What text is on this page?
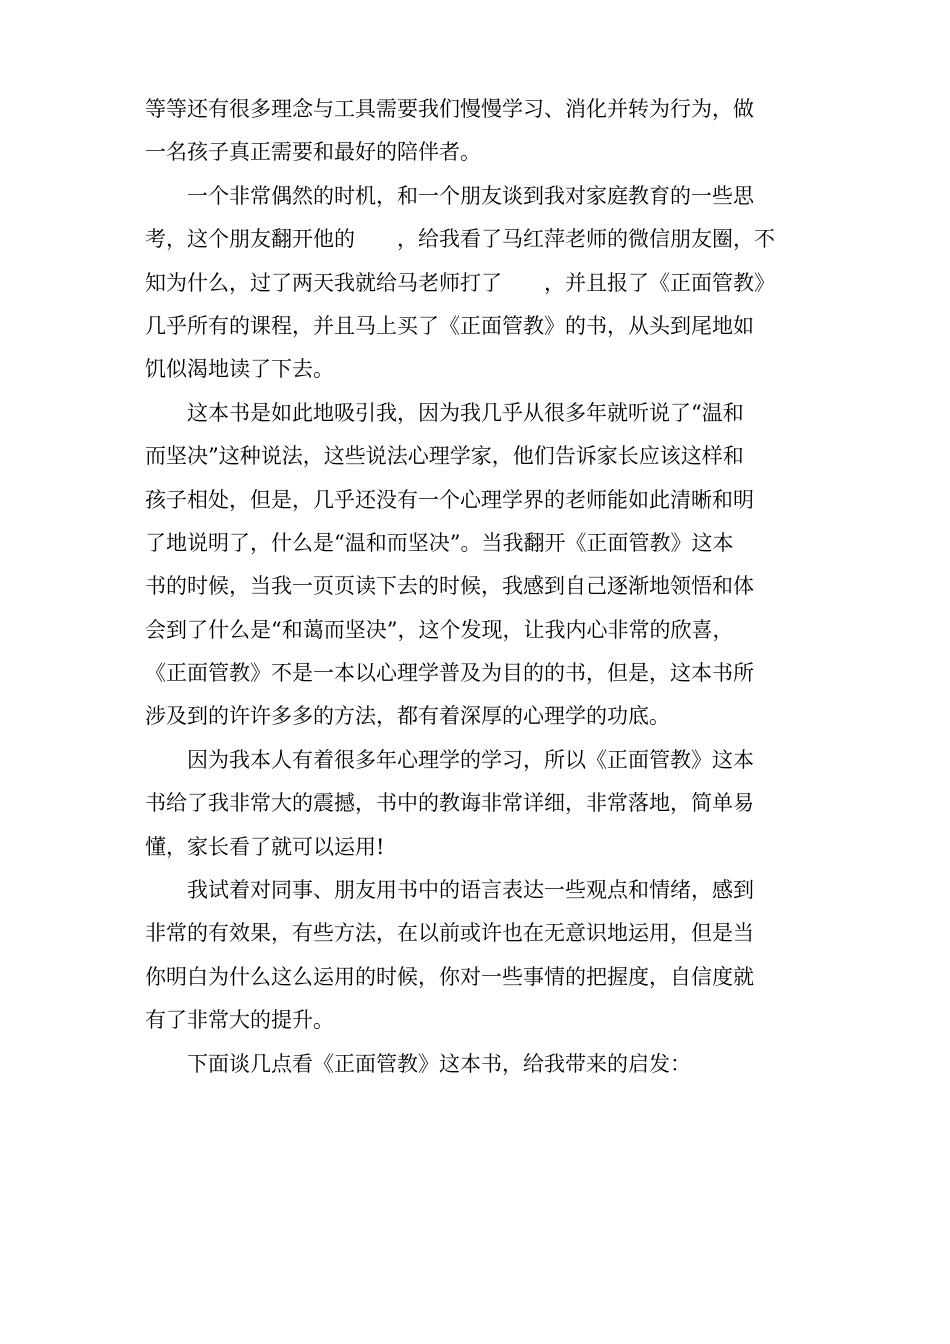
等等还有很多理念与工具需要我们慢慢学习、消化并转为行为，做
一名孩子真正需要和最好的陪伴者。
　　一个非常偶然的时机，和一个朋友谈到我对家庭教育的一些思
考，这个朋友翻开他的　　，给我看了马红萍老师的微信朋友圈，不
知为什么，过了两天我就给马老师打了　　，并且报了《正面管教》
几乎所有的课程，并且马上买了《正面管教》的书，从头到尾地如
饥似渴地读了下去。
　　这本书是如此地吸引我，因为我几乎从很多年就听说了“温和
而坚决”这种说法，这些说法心理学家，他们告诉家长应该这样和
孩子相处，但是，几乎还没有一个心理学界的老师能如此清晰和明
了地说明了，什么是“温和而坚决”。当我翻开《正面管教》这本
书的时候，当我一页页读下去的时候，我感到自己逐渐地领悟和体
会到了什么是“和蔼而坚决”，这个发现，让我内心非常的欣喜，
《正面管教》不是一本以心理学普及为目的的书，但是，这本书所
涉及到的许许多多的方法，都有着深厚的心理学的功底。
　　因为我本人有着很多年心理学的学习，所以《正面管教》这本
书给了我非常大的震撼，书中的教诲非常详细，非常落地，简单易
懂，家长看了就可以运用!
　　我试着对同事、朋友用书中的语言表达一些观点和情绪，感到
非常的有效果，有些方法，在以前或许也在无意识地运用，但是当
你明白为什么这么运用的时候，你对一些事情的把握度，自信度就
有了非常大的提升。
　　下面谈几点看《正面管教》这本书，给我带来的启发：
